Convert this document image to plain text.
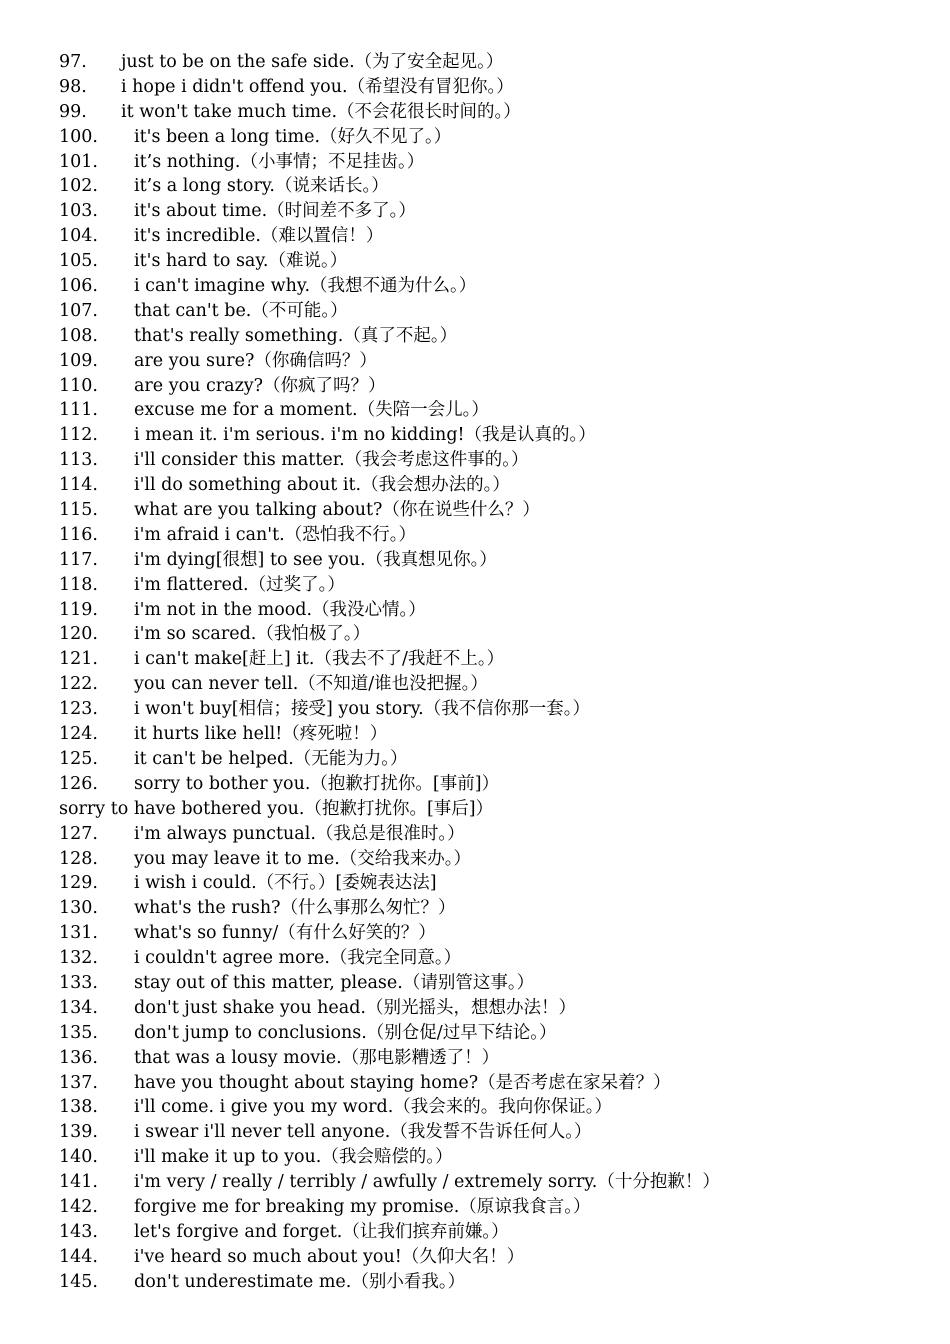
97. just to be on the safe side.（为了安全起见。）
98. i hope i didn't offend you.（希望没有冒犯你。）
99. it won't take much time.（不会花很长时间的。）
100. it's been a long time.（好久不见了。）
101. it’s nothing.（小事情；不足挂齿。）
102. it’s a long story.（说来话长。）
103. it's about time.（时间差不多了。）
104. it's incredible.（难以置信！）
105. it's hard to say.（难说。）
106. i can't imagine why.（我想不通为什么。）
107. that can't be.（不可能。）
108. that's really something.（真了不起。）
109. are you sure?（你确信吗？）
110. are you crazy?（你疯了吗？）
111. excuse me for a moment.（失陪一会儿。）
112. i mean it. i'm serious. i'm no kidding!（我是认真的。）
113. i'll consider this matter.（我会考虑这件事的。）
114. i'll do something about it.（我会想办法的。）
115. what are you talking about?（你在说些什么？）
116. i'm afraid i can't.（恐怕我不行。）
117. i'm dying[很想] to see you.（我真想见你。）
118. i'm flattered.（过奖了。）
119. i'm not in the mood.（我没心情。）
120. i'm so scared.（我怕极了。）
121. i can't make[赶上] it.（我去不了/我赶不上。）
122. you can never tell.（不知道/谁也没把握。）
123. i won't buy[相信；接受] you story.（我不信你那一套。）
124. it hurts like hell!（疼死啦！）
125. it can't be helped.（无能为力。）
126. sorry to bother you.（抱歉打扰你。[事前]）
sorry to have bothered you.（抱歉打扰你。[事后]）
127. i'm always punctual.（我总是很准时。）
128. you may leave it to me.（交给我来办。）
129. i wish i could.（不行。）[委婉表达法]
130. what's the rush?（什么事那么匆忙？）
131. what's so funny/（有什么好笑的？）
132. i couldn't agree more.（我完全同意。）
133. stay out of this matter, please.（请别管这事。）
134. don't just shake you head.（别光摇头，想想办法！）
135. don't jump to conclusions.（别仓促/过早下结论。）
136. that was a lousy movie.（那电影糟透了！）
137. have you thought about staying home?（是否考虑在家呆着？）
138. i'll come. i give you my word.（我会来的。我向你保证。）
139. i swear i'll never tell anyone.（我发誓不告诉任何人。）
140. i'll make it up to you.（我会赔偿的。）
141. i'm very / really / terribly / awfully / extremely sorry.（十分抱歉！）
142. forgive me for breaking my promise.（原谅我食言。）
143. let's forgive and forget.（让我们摈弃前嫌。）
144. i've heard so much about you!（久仰大名！）
145. don't underestimate me.（别小看我。）
